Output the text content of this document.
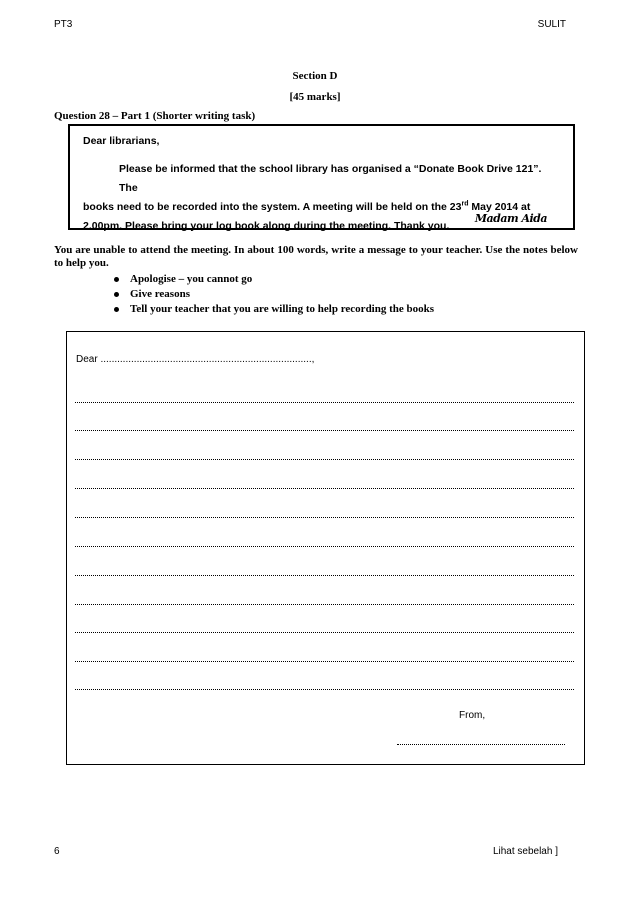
PT3	SULIT
Section D
[45 marks]
Question 28 – Part 1 (Shorter writing task)
Dear librarians,
Please be informed that the school library has organised a “Donate Book Drive 121”. The
books need to be recorded into the system. A meeting will be held on the 23rd May 2014 at
2.00pm. Please bring your log book along during the meeting. Thank you.
Madam Aida
You are unable to attend the meeting. In about 100 words, write a message to your teacher. Use the notes below to help you.
Apologise – you cannot go
Give reasons
Tell your teacher that you are willing to help recording the books
Dear ............................................................................,
From,
6	Lihat sebelah ]
